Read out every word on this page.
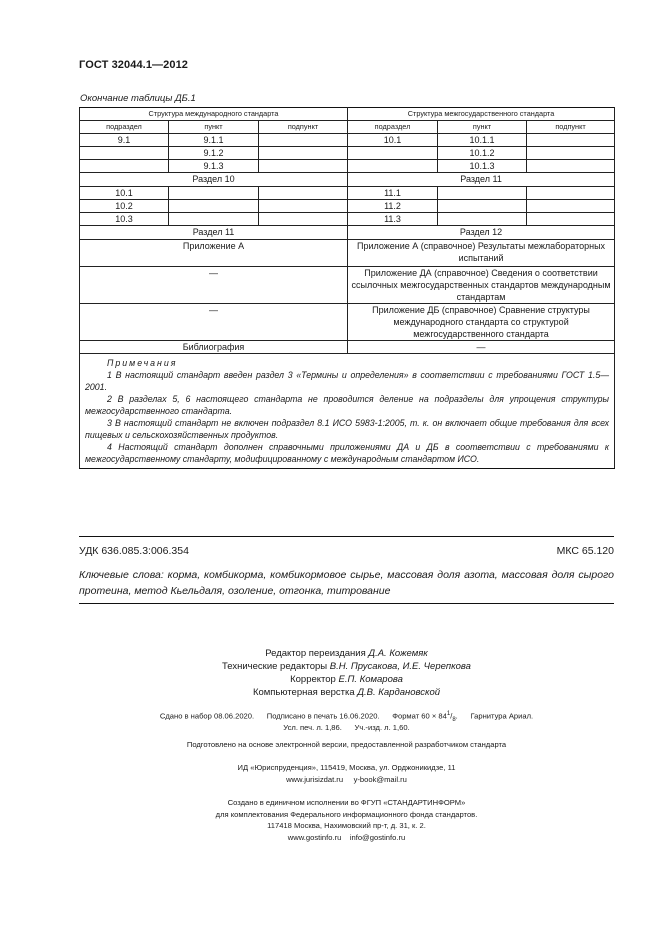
ГОСТ 32044.1—2012
Окончание таблицы ДБ.1
Структура международного стандарта			Структура межгосударственного стандарта		
подраздел	пункт	подпункт	подраздел	пункт	подпункт
9.1	9.1.1		10.1	10.1.1	
	9.1.2			10.1.2	
	9.1.3			10.1.3	
Раздел 10			Раздел 11		
10.1			11.1		
10.2			11.2		
10.3			11.3		
Раздел 11			Раздел 12		
Приложение А			Приложение А (справочное) Результаты межлабораторных испытаний		
—			Приложение ДА (справочное) Сведения о соответствии ссылочных межгосударственных стандартов международным стандартам		
—			Приложение ДБ (справочное) Сравнение структуры международного стандарта со структурой межгосударственного стандарта		
Библиография			—		

Примечания

1 В настоящий стандарт введен раздел 3 «Термины и определения» в соответствии с требованиями ГОСТ 1.5—2001.

2 В разделах 5, 6 настоящего стандарта не проводится деление на подразделы для упрощения структуры межгосударственного стандарта.

3 В настоящий стандарт не включен подраздел 8.1 ИСО 5983-1:2005, т. к. он включает общие требования для всех пищевых и сельскохозяйственных продуктов.

4 Настоящий стандарт дополнен справочными приложениями ДА и ДБ в соответствии с требованиями к межгосударственному стандарту, модифицированному с международным стандартом ИСО.					

УДК 636.085.3:006.354	МКС 65.120
Ключевые слова: корма, комбикорма, комбикормовое сырье, массовая доля азота, массовая доля сырого протеина, метод Кьельдаля, озоление, отгонка, титрование
Редактор переиздания Д.А. Кожемяк
Технические редакторы В.Н. Прусакова, И.Е. Черепкова
Корректор Е.П. Комарова
Компьютерная верстка Д.В. Кардановской
Сдано в набор 08.06.2020. Подписано в печать 16.06.2020. Формат $60 \times 84^1/_8$.      Гарнитура Ариал.
Усл. печ. л. 1,86. Уч.-изд. л. 1,60.
Подготовлено на основе электронной версии, предоставленной разработчиком стандарта
ИД «Юриспруденция», 115419, Москва, ул. Орджоникидзе, 11
www.jurisizdat.ru y-book@mail.ru
Создано в единичном исполнении во ФГУП «СТАНДАРТИНФОРМ»
для комплектования Федерального информационного фонда стандартов.
117418 Москва, Нахимовский пр-т, д. 31, к. 2.
www.gostinfo.ru info@gostinfo.ru
